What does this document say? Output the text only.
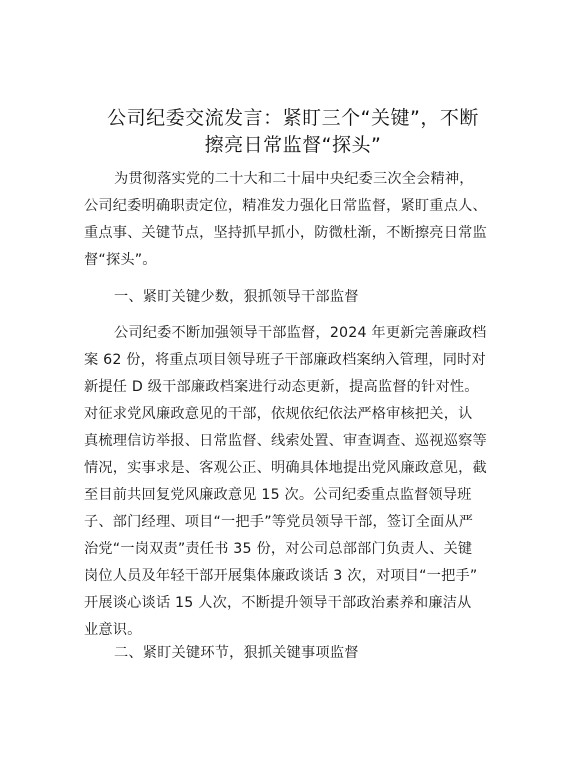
公司纪委交流发言：紧盯三个“关键”，不断
擦亮日常监督“探头”
为贯彻落实党的二十大和二十届中央纪委三次全会精神，
公司纪委明确职责定位，精准发力强化日常监督，紧盯重点人、
重点事、关键节点，坚持抓早抓小，防微杜渐，不断擦亮日常监
督“探头”。
一、紧盯关键少数，狠抓领导干部监督
公司纪委不断加强领导干部监督，2024 年更新完善廉政档
案 62 份，将重点项目领导班子干部廉政档案纳入管理，同时对
新提任 D 级干部廉政档案进行动态更新，提高监督的针对性。
对征求党风廉政意见的干部，依规依纪依法严格审核把关，认
真梳理信访举报、日常监督、线索处置、审查调查、巡视巡察等
情况，实事求是、客观公正、明确具体地提出党风廉政意见，截
至目前共回复党风廉政意见 15 次。公司纪委重点监督领导班
子、部门经理、项目“一把手”等党员领导干部，签订全面从严
治党“一岗双责”责任书 35 份，对公司总部部门负责人、关键
岗位人员及年轻干部开展集体廉政谈话 3 次，对项目“一把手”
开展谈心谈话 15 人次，不断提升领导干部政治素养和廉洁从
业意识。
二、紧盯关键环节，狠抓关键事项监督
